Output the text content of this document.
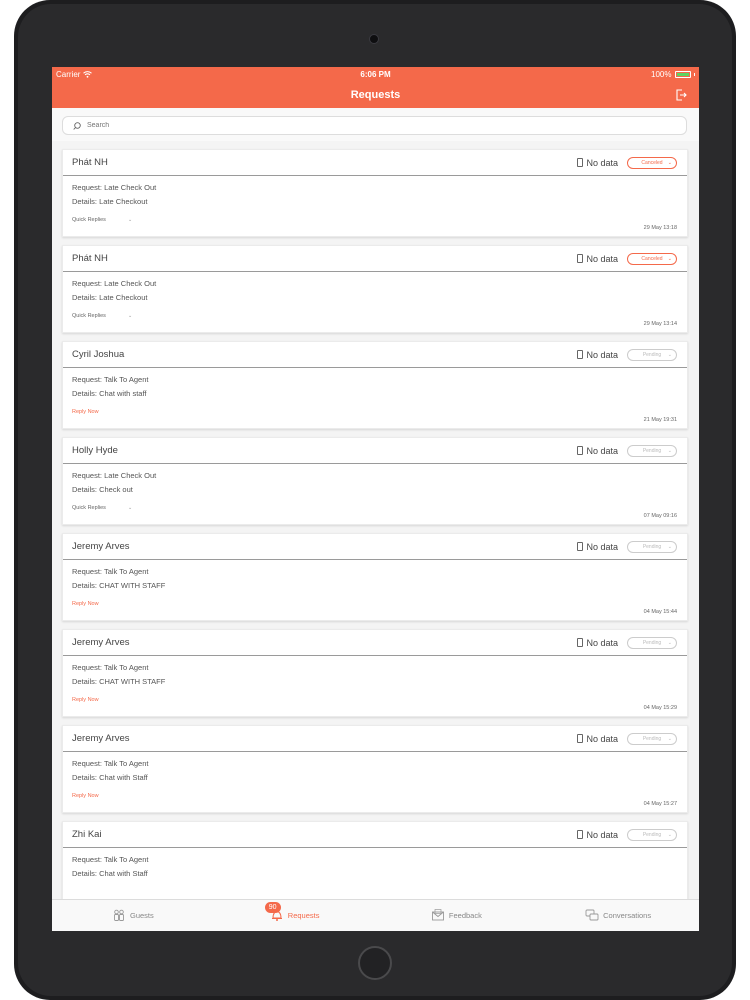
Carrier	6:06 PM	100%
Requests
Search
Phát NH	No data	Canceled ⌄
Request: Late Check Out
Details: Late Checkout
Quick Replies	⌄
29 May 13:18
Phát NH	No data	Canceled ⌄
Request: Late Check Out
Details: Late Checkout
Quick Replies	⌄
29 May 13:14
Cyril Joshua	No data	Pending ⌄
Request: Talk To Agent
Details: Chat with staff
Reply Now
21 May 19:31
Holly Hyde	No data	Pending ⌄
Request: Late Check Out
Details: Check out
Quick Replies	⌄
07 May 09:16
Jeremy Arves	No data	Pending ⌄
Request: Talk To Agent
Details: CHAT WITH STAFF
Reply Now
04 May 15:44
Jeremy Arves	No data	Pending ⌄
Request: Talk To Agent
Details: CHAT WITH STAFF
Reply Now
04 May 15:29
Jeremy Arves	No data	Pending ⌄
Request: Talk To Agent
Details: Chat with Staff
Reply Now
04 May 15:27
Zhi Kai	No data	Pending ⌄
Request: Talk To Agent
Details: Chat with Staff
Guests	Requests
90
Feedback	Conversations
